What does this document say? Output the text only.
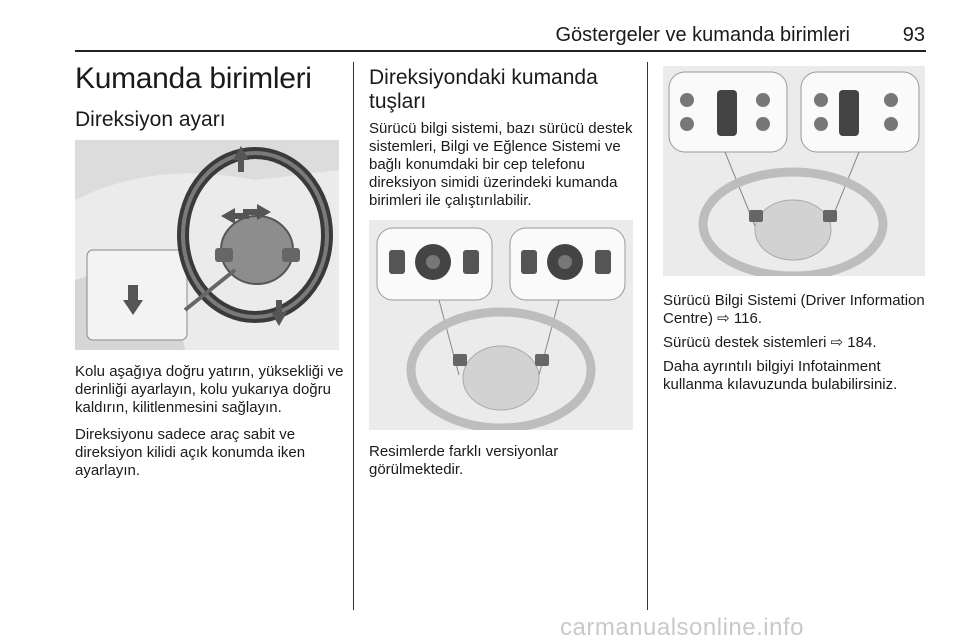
Göstergeler ve kumanda birimleri	93
Kumanda birimleri
Direksiyon ayarı
Kolu aşağıya doğru yatırın, yüksekliği ve derinliği ayarlayın, kolu yukarıya doğru kaldırın, kilitlenmesini sağlayın.
Direksiyonu sadece araç sabit ve direksiyon kilidi açık konumda iken ayarlayın.
Direksiyondaki kumanda tuşları
Sürücü bilgi sistemi, bazı sürücü destek sistemleri, Bilgi ve Eğlence Sistemi ve bağlı konumdaki bir cep telefonu direksiyon simidi üzerindeki kumanda birimleri ile çalıştırılabilir.
Resimlerde farklı versiyonlar görülmektedir.
Sürücü Bilgi Sistemi (Driver Information Centre) ⇨ 116.
Sürücü destek sistemleri ⇨ 184.
Daha ayrıntılı bilgiyi Infotainment kullanma kılavuzunda bulabilirsiniz.
carmanualsonline.info
